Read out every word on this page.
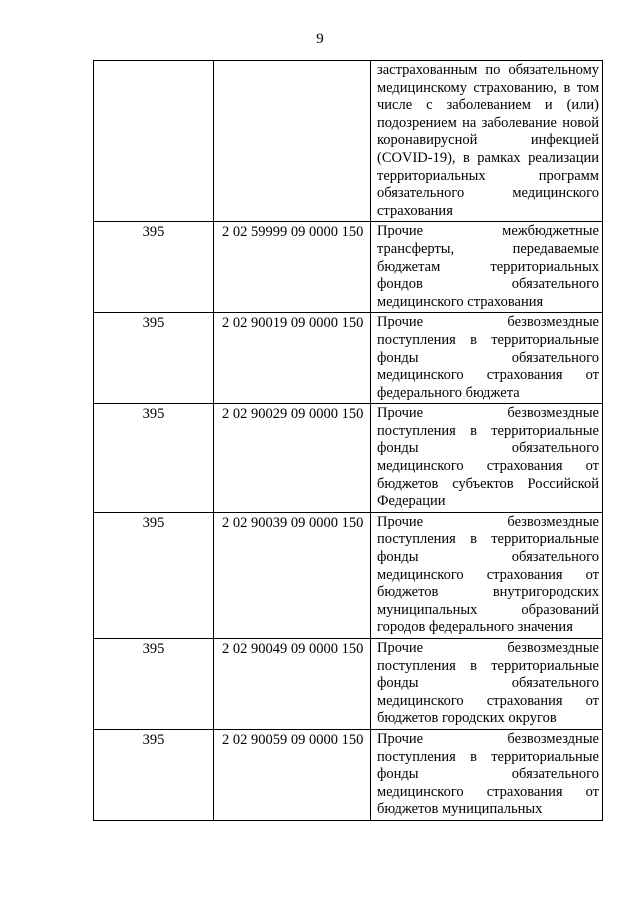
9
		застрахованным по обязательному медицинскому страхованию, в том числе с заболеванием и (или) подозрением на заболевание новой коронавирусной инфекцией (COVID-19), в рамках реализации территориальных программ обязательного медицинского страхования
395	2 02 59999 09 0000 150	Прочие межбюджетные трансферты, передаваемые бюджетам территориальных фондов обязательного медицинского страхования
395	2 02 90019 09 0000 150	Прочие безвозмездные поступления в территориальные фонды обязательного медицинского страхования от федерального бюджета
395	2 02 90029 09 0000 150	Прочие безвозмездные поступления в территориальные фонды обязательного медицинского страхования от бюджетов субъектов Российской Федерации
395	2 02 90039 09 0000 150	Прочие безвозмездные поступления в территориальные фонды обязательного медицинского страхования от бюджетов внутригородских муниципальных образований городов федерального значения
395	2 02 90049 09 0000 150	Прочие безвозмездные поступления в территориальные фонды обязательного медицинского страхования от бюджетов городских округов
395	2 02 90059 09 0000 150	Прочие безвозмездные поступления в территориальные фонды обязательного медицинского страхования от бюджетов муниципальных
